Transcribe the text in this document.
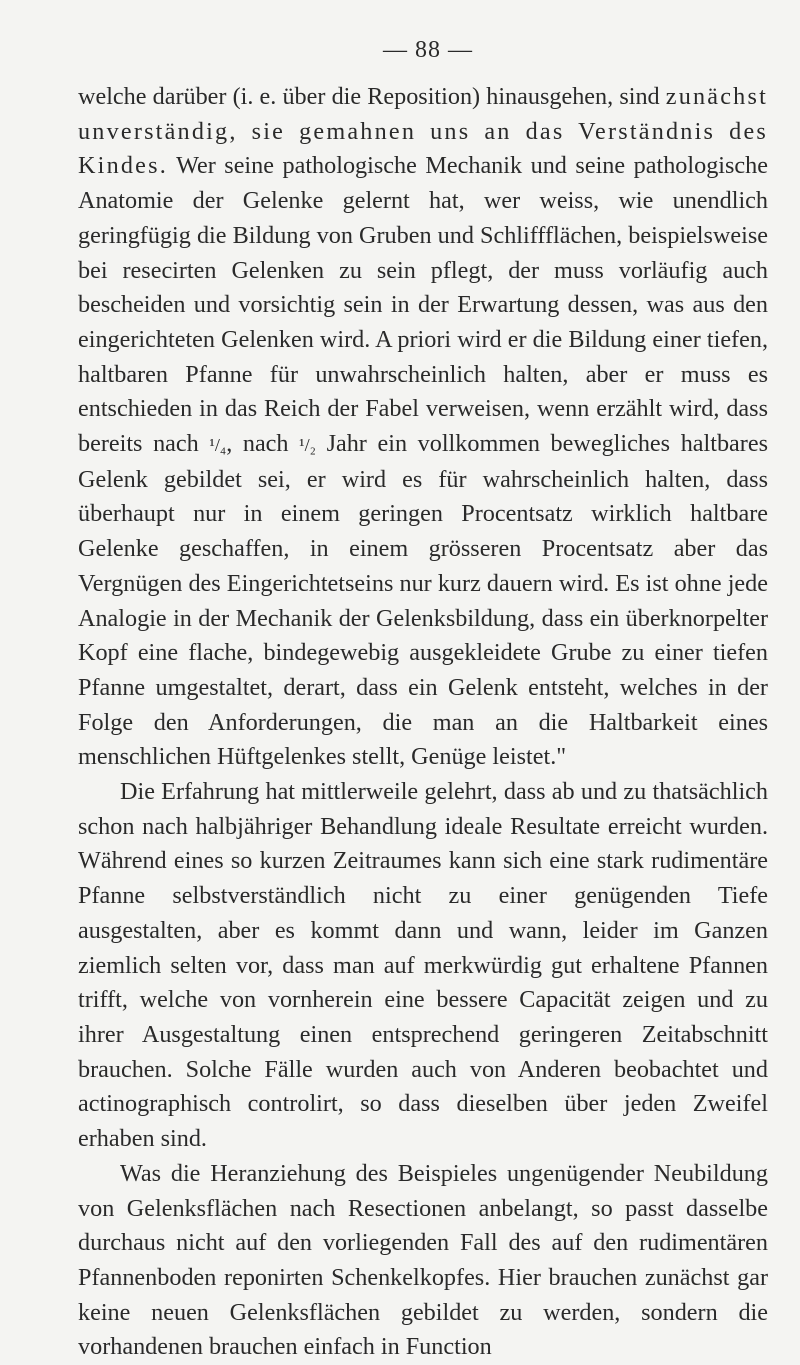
— 88 —

welche darüber (i. e. über die Reposition) hinausgehen, sind zunächst unverständig, sie gemahnen uns an das Verständnis des Kindes. Wer seine pathologische Mechanik und seine pathologische Anatomie der Gelenke gelernt hat, wer weiss, wie unendlich geringfügig die Bildung von Gruben und Schliffflächen, beispielsweise bei resecirten Gelenken zu sein pflegt, der muss vorläufig auch bescheiden und vorsichtig sein in der Erwartung dessen, was aus den eingerichteten Gelenken wird. A priori wird er die Bildung einer tiefen, haltbaren Pfanne für unwahrscheinlich halten, aber er muss es entschieden in das Reich der Fabel verweisen, wenn erzählt wird, dass bereits nach ¹/₄, nach ¹/₂ Jahr ein vollkommen bewegliches haltbares Gelenk gebildet sei, er wird es für wahrscheinlich halten, dass überhaupt nur in einem geringen Procentsatz wirklich haltbare Gelenke geschaffen, in einem grösseren Procentsatz aber das Vergnügen des Eingerichtetseins nur kurz dauern wird. Es ist ohne jede Analogie in der Mechanik der Gelenksbildung, dass ein überknorpelter Kopf eine flache, bindegewebig ausgekleidete Grube zu einer tiefen Pfanne umgestaltet, derart, dass ein Gelenk entsteht, welches in der Folge den Anforderungen, die man an die Haltbarkeit eines menschlichen Hüftgelenkes stellt, Genüge leistet."

Die Erfahrung hat mittlerweile gelehrt, dass ab und zu thatsächlich schon nach halbjähriger Behandlung ideale Resultate erreicht wurden. Während eines so kurzen Zeitraumes kann sich eine stark rudimentäre Pfanne selbstverständlich nicht zu einer genügenden Tiefe ausgestalten, aber es kommt dann und wann, leider im Ganzen ziemlich selten vor, dass man auf merkwürdig gut erhaltene Pfannen trifft, welche von vornherein eine bessere Capacität zeigen und zu ihrer Ausgestaltung einen entsprechend geringeren Zeitabschnitt brauchen. Solche Fälle wurden auch von Anderen beobachtet und actinographisch controlirt, so dass dieselben über jeden Zweifel erhaben sind.

Was die Heranziehung des Beispieles ungenügender Neubildung von Gelenksflächen nach Resectionen anbelangt, so passt dasselbe durchaus nicht auf den vorliegenden Fall des auf den rudimentären Pfannenboden reponirten Schenkelkopfes. Hier brauchen zunächst gar keine neuen Gelenksflächen gebildet zu werden, sondern die vorhandenen brauchen einfach in Function
